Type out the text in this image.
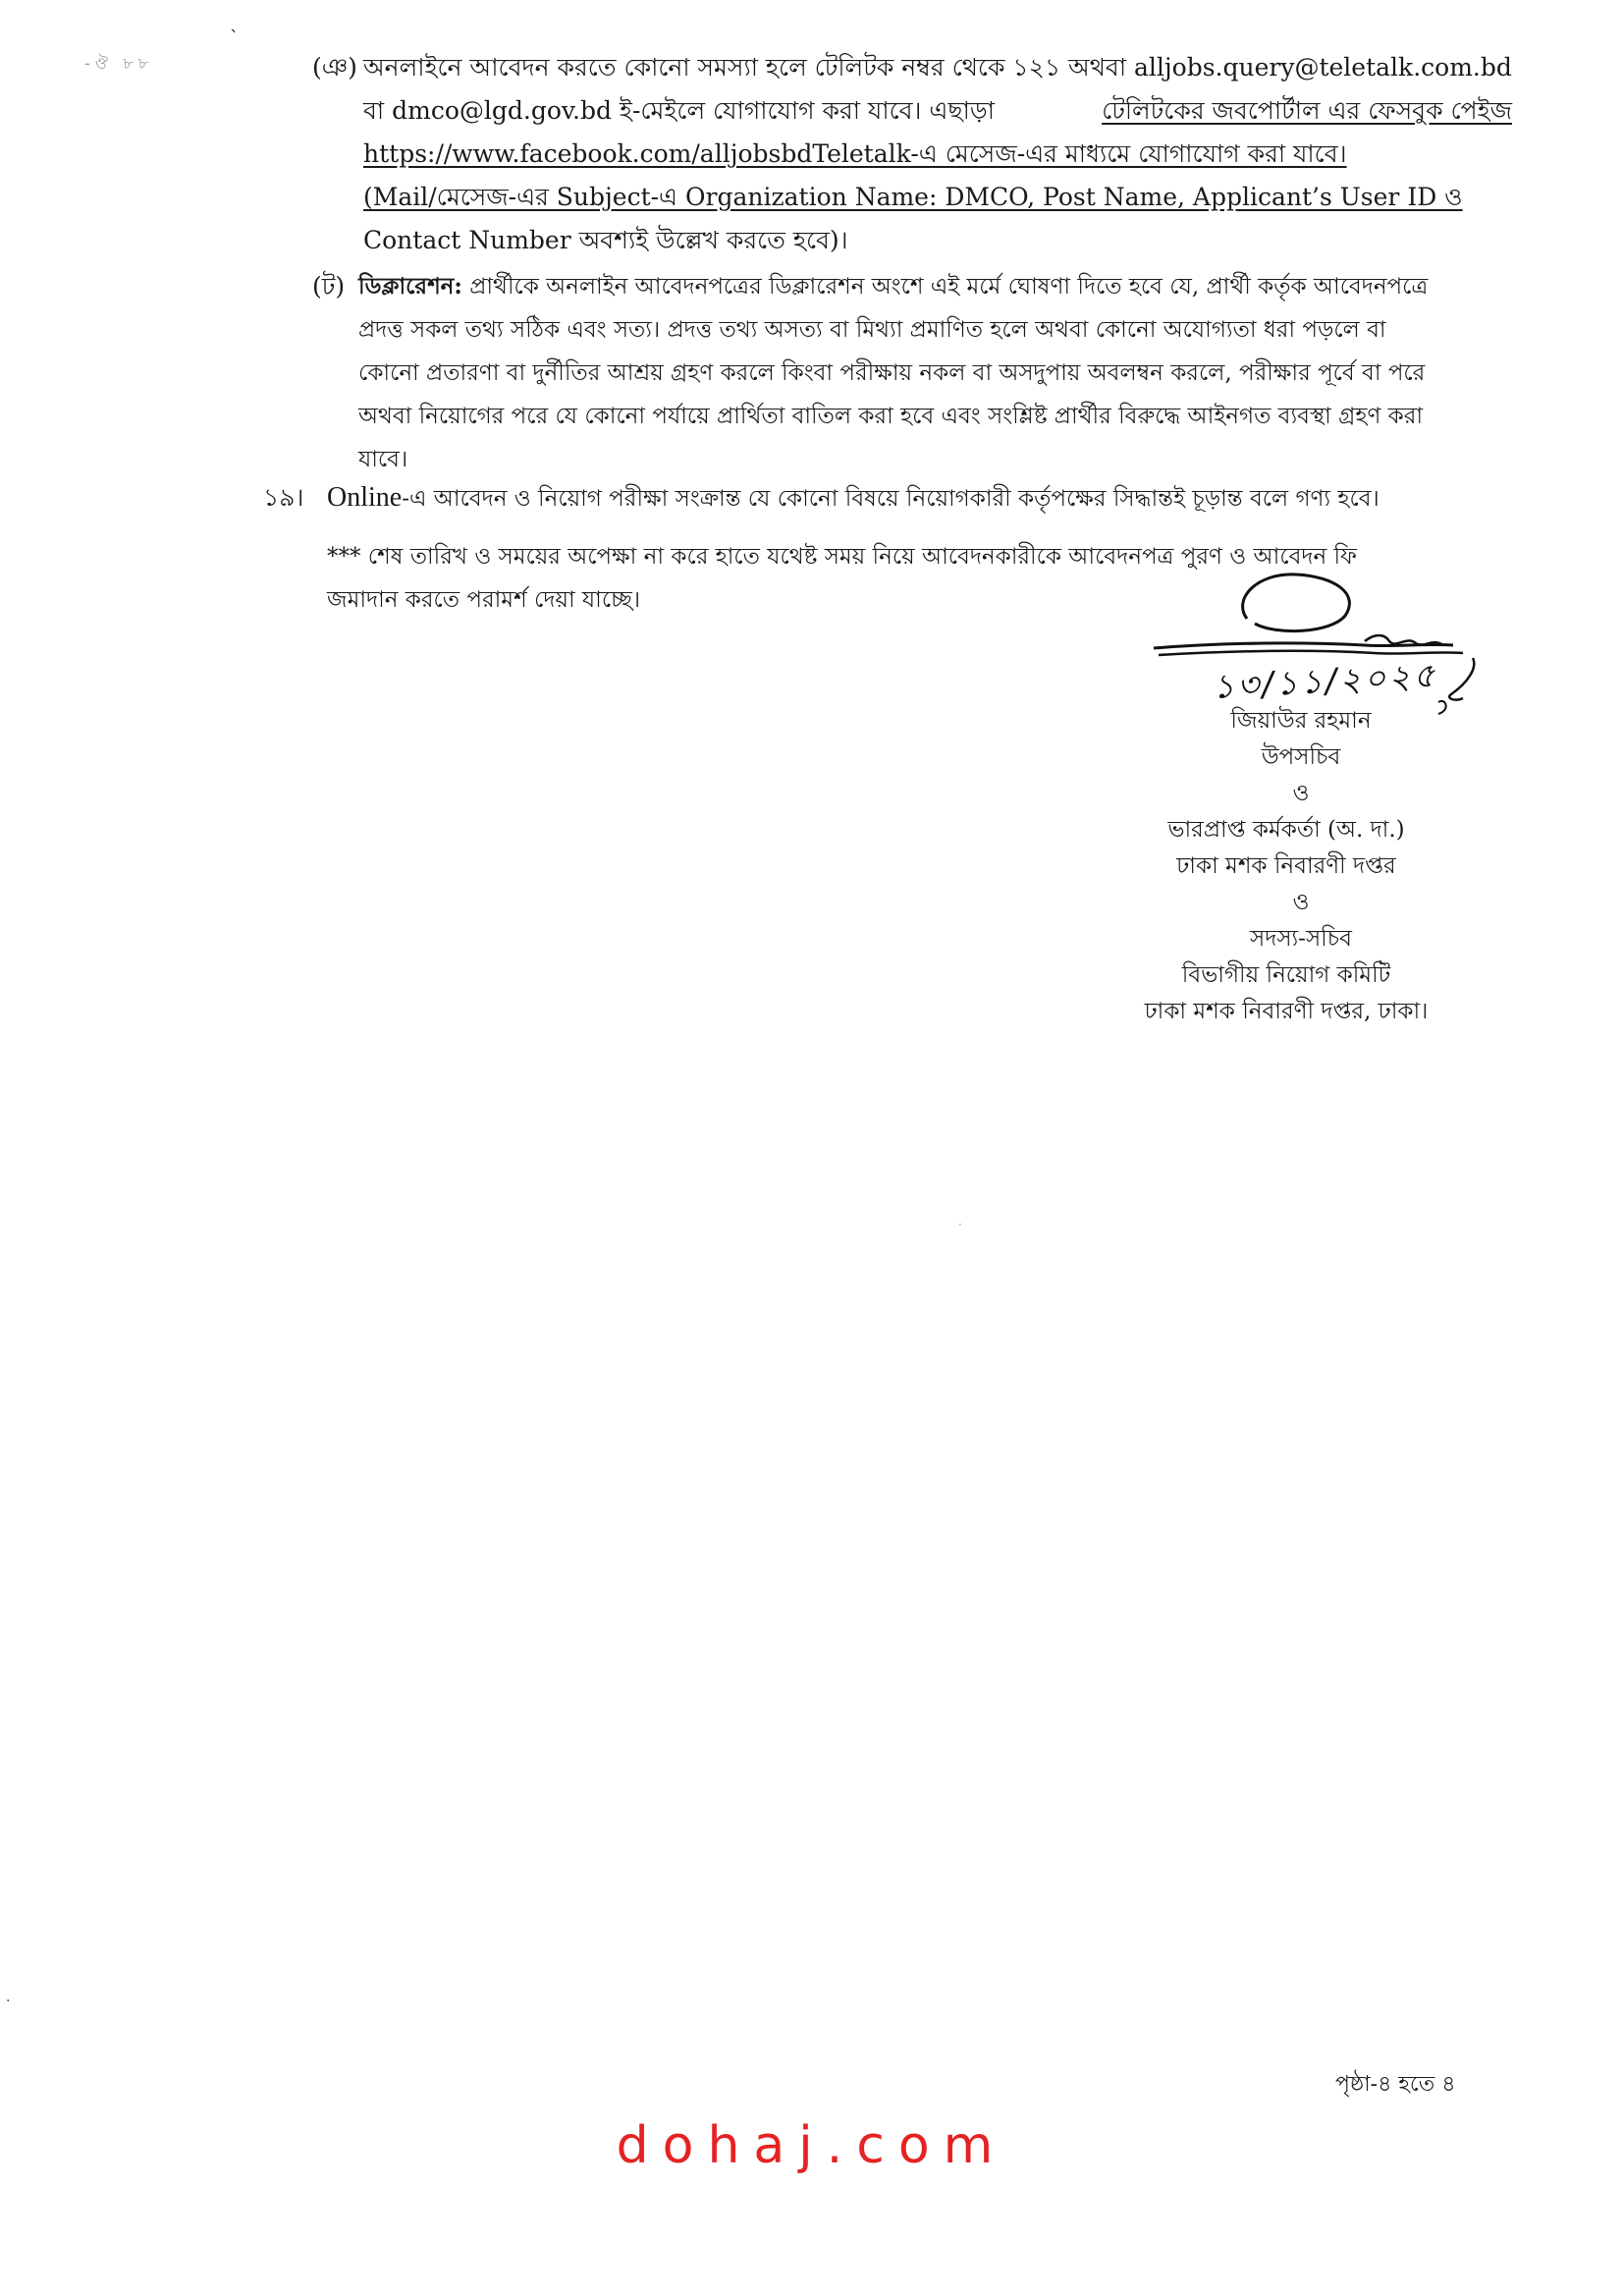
- ঔ   ৮ ৮
`
(ঞ) অনলাইনে আবেদন করতে কোনো সমস্যা হলে টেলিটক নম্বর থেকে ১২১ অথবা alljobs.query@teletalk.com.bd
বা dmco@lgd.gov.bd ই-মেইলে যোগাযোগ করা যাবে। এছাড়া	টেলিটকের জবপোর্টাল এর ফেসবুক পেইজ
https://www.facebook.com/alljobsbdTeletalk-এ মেসেজ-এর মাধ্যমে যোগাযোগ করা যাবে।
(Mail/মেসেজ-এর Subject-এ Organization Name: DMCO, Post Name, Applicant’s User ID ও
Contact Number অবশ্যই উল্লেখ করতে হবে)।
(ট) ডিক্লারেশন: প্রার্থীকে অনলাইন আবেদনপত্রের ডিক্লারেশন অংশে এই মর্মে ঘোষণা দিতে হবে যে, প্রার্থী কর্তৃক আবেদনপত্রে
প্রদত্ত সকল তথ্য সঠিক এবং সত্য। প্রদত্ত তথ্য অসত্য বা মিথ্যা প্রমাণিত হলে অথবা কোনো অযোগ্যতা ধরা পড়লে বা
কোনো প্রতারণা বা দুর্নীতির আশ্রয় গ্রহণ করলে কিংবা পরীক্ষায় নকল বা অসদুপায় অবলম্বন করলে, পরীক্ষার পূর্বে বা পরে
অথবা নিয়োগের পরে যে কোনো পর্যায়ে প্রার্থিতা বাতিল করা হবে এবং সংশ্লিষ্ট প্রার্থীর বিরুদ্ধে আইনগত ব্যবস্থা গ্রহণ করা
যাবে।
১৯। Online-এ আবেদন ও নিয়োগ পরীক্ষা সংক্রান্ত যে কোনো বিষয়ে নিয়োগকারী কর্তৃপক্ষের সিদ্ধান্তই চূড়ান্ত বলে গণ্য হবে।
*** শেষ তারিখ ও সময়ের অপেক্ষা না করে হাতে যথেষ্ট সময় নিয়ে আবেদনকারীকে আবেদনপত্র পুরণ ও আবেদন ফি
জমাদান করতে পরামর্শ দেয়া যাচ্ছে।
১৩/১১/২০২৫
জিয়াউর রহমান
উপসচিব
ও
ভারপ্রাপ্ত কর্মকর্তা (অ. দা.)
ঢাকা মশক নিবারণী দপ্তর
ও
সদস্য-সচিব
বিভাগীয় নিয়োগ কমিটি
ঢাকা মশক নিবারণী দপ্তর, ঢাকা।
পৃষ্ঠা-৪ হতে ৪
dohaj.com
·
·
